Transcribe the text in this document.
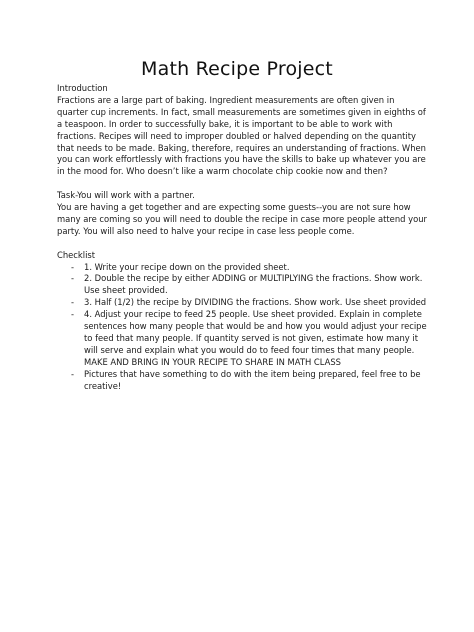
Math Recipe Project

Introduction

Fractions are a large part of baking. Ingredient measurements are often given in quarter cup increments. In fact, small measurements are sometimes given in eighths of a teaspoon. In order to successfully bake, it is important to be able to work with fractions. Recipes will need to improper doubled or halved depending on the quantity that needs to be made. Baking, therefore, requires an understanding of fractions. When you can work effortlessly with fractions you have the skills to bake up whatever you are in the mood for. Who doesn’t like a warm chocolate chip cookie now and then?

Task-You will work with a partner.

You are having a get together and are expecting some guests--you are not sure how many are coming so you will need to double the recipe in case more people attend your party. You will also need to halve your recipe in case less people come.

Checklist

- 1. Write your recipe down on the provided sheet.
- 2. Double the recipe by either ADDING or MULTIPLYING the fractions. Show work. Use sheet provided.
- 3. Half (1/2) the recipe by DIVIDING the fractions. Show work. Use sheet provided
- 4. Adjust your recipe to feed 25 people. Use sheet provided. Explain in complete sentences how many people that would be and how you would adjust your recipe to feed that many people. If quantity served is not given, estimate how many it will serve and explain what you would do to feed four times that many people. MAKE AND BRING IN YOUR RECIPE TO SHARE IN MATH CLASS
- Pictures that have something to do with the item being prepared, feel free to be creative!
